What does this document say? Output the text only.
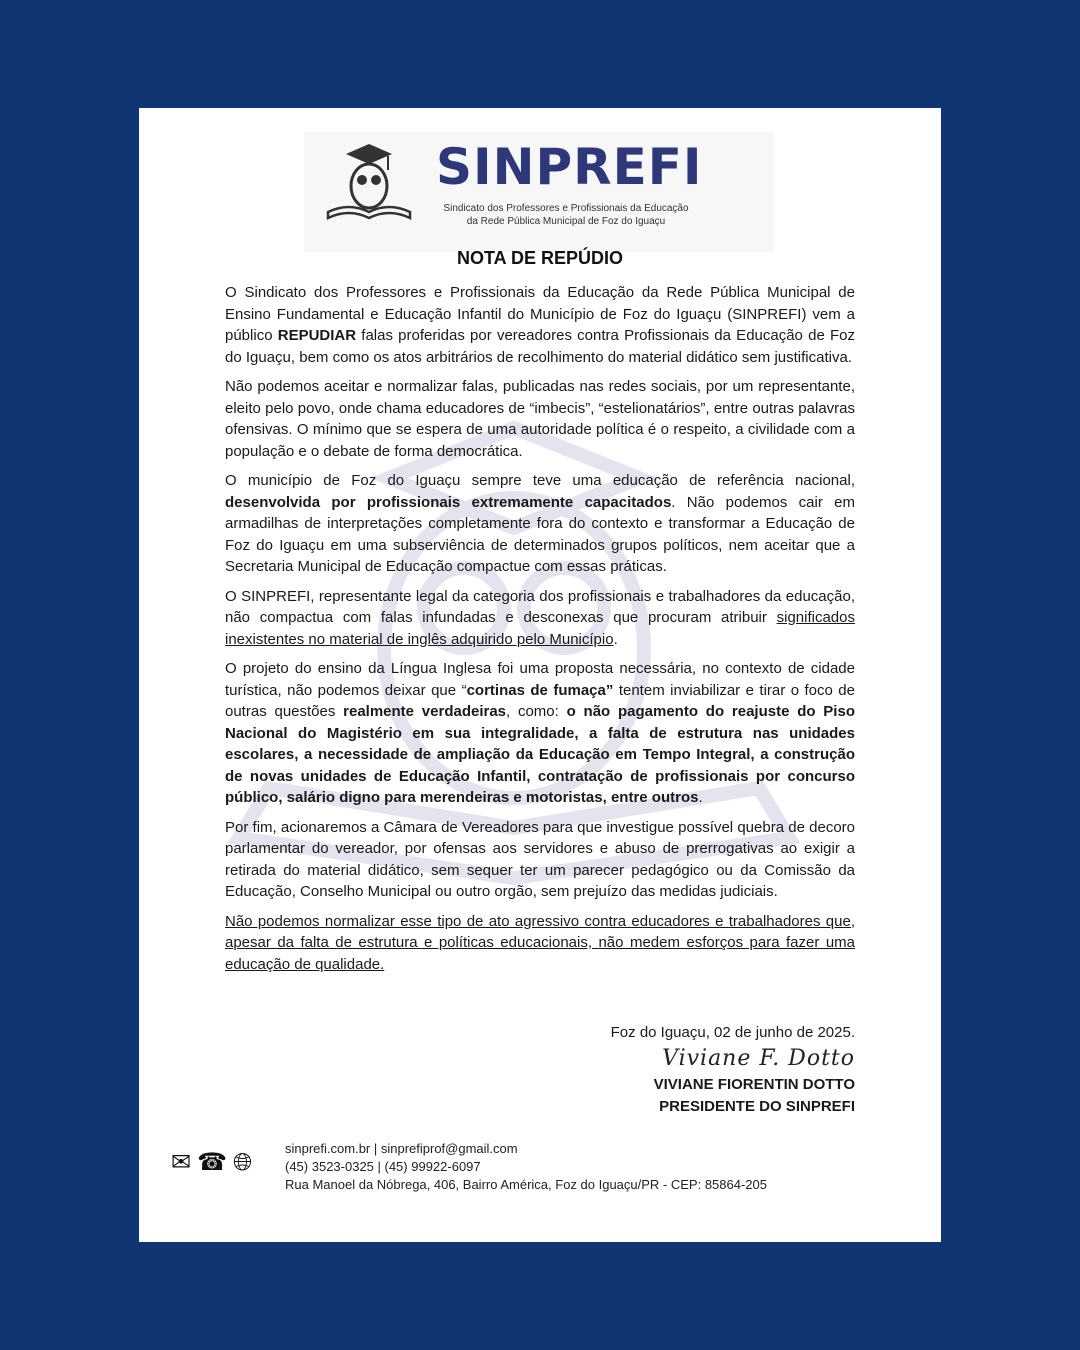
SINPREFI
Sindicato dos Professores e Profissionais da Educação
da Rede Pública Municipal de Foz do Iguaçu
NOTA DE REPÚDIO

O Sindicato dos Professores e Profissionais da Educação da Rede Pública Municipal de Ensino Fundamental e Educação Infantil do Município de Foz do Iguaçu (SINPREFI) vem a público REPUDIAR falas proferidas por vereadores contra Profissionais da Educação de Foz do Iguaçu, bem como os atos arbitrários de recolhimento do material didático sem justificativa.

Não podemos aceitar e normalizar falas, publicadas nas redes sociais, por um representante, eleito pelo povo, onde chama educadores de “imbecis”, “estelionatários”, entre outras palavras ofensivas. O mínimo que se espera de uma autoridade política é o respeito, a civilidade com a população e o debate de forma democrática.

O município de Foz do Iguaçu sempre teve uma educação de referência nacional, desenvolvida por profissionais extremamente capacitados. Não podemos cair em armadilhas de interpretações completamente fora do contexto e transformar a Educação de Foz do Iguaçu em uma subserviência de determinados grupos políticos, nem aceitar que a Secretaria Municipal de Educação compactue com essas práticas.

O SINPREFI, representante legal da categoria dos profissionais e trabalhadores da educação, não compactua com falas infundadas e desconexas que procuram atribuir significados inexistentes no material de inglês adquirido pelo Município.

O projeto do ensino da Língua Inglesa foi uma proposta necessária, no contexto de cidade turística, não podemos deixar que “cortinas de fumaça” tentem inviabilizar e tirar o foco de outras questões realmente verdadeiras, como: o não pagamento do reajuste do Piso Nacional do Magistério em sua integralidade, a falta de estrutura nas unidades escolares, a necessidade de ampliação da Educação em Tempo Integral, a construção de novas unidades de Educação Infantil, contratação de profissionais por concurso público, salário digno para merendeiras e motoristas, entre outros.

Por fim, acionaremos a Câmara de Vereadores para que investigue possível quebra de decoro parlamentar do vereador, por ofensas aos servidores e abuso de prerrogativas ao exigir a retirada do material didático, sem sequer ter um parecer pedagógico ou da Comissão da Educação, Conselho Municipal ou outro orgão, sem prejuízo das medidas judiciais.

Não podemos normalizar esse tipo de ato agressivo contra educadores e trabalhadores que, apesar da falta de estrutura e políticas educacionais, não medem esforços para fazer uma educação de qualidade.

Foz do Iguaçu, 02 de junho de 2025.
Viviane F. Dotto
VIVIANE FIORENTIN DOTTO
PRESIDENTE DO SINPREFI
✉ ☎ 🌐︎
sinprefi.com.br | sinprefiprof@gmail.com
(45) 3523-0325 | (45) 99922-6097
Rua Manoel da Nóbrega, 406, Bairro América, Foz do Iguaçu/PR - CEP: 85864-205
